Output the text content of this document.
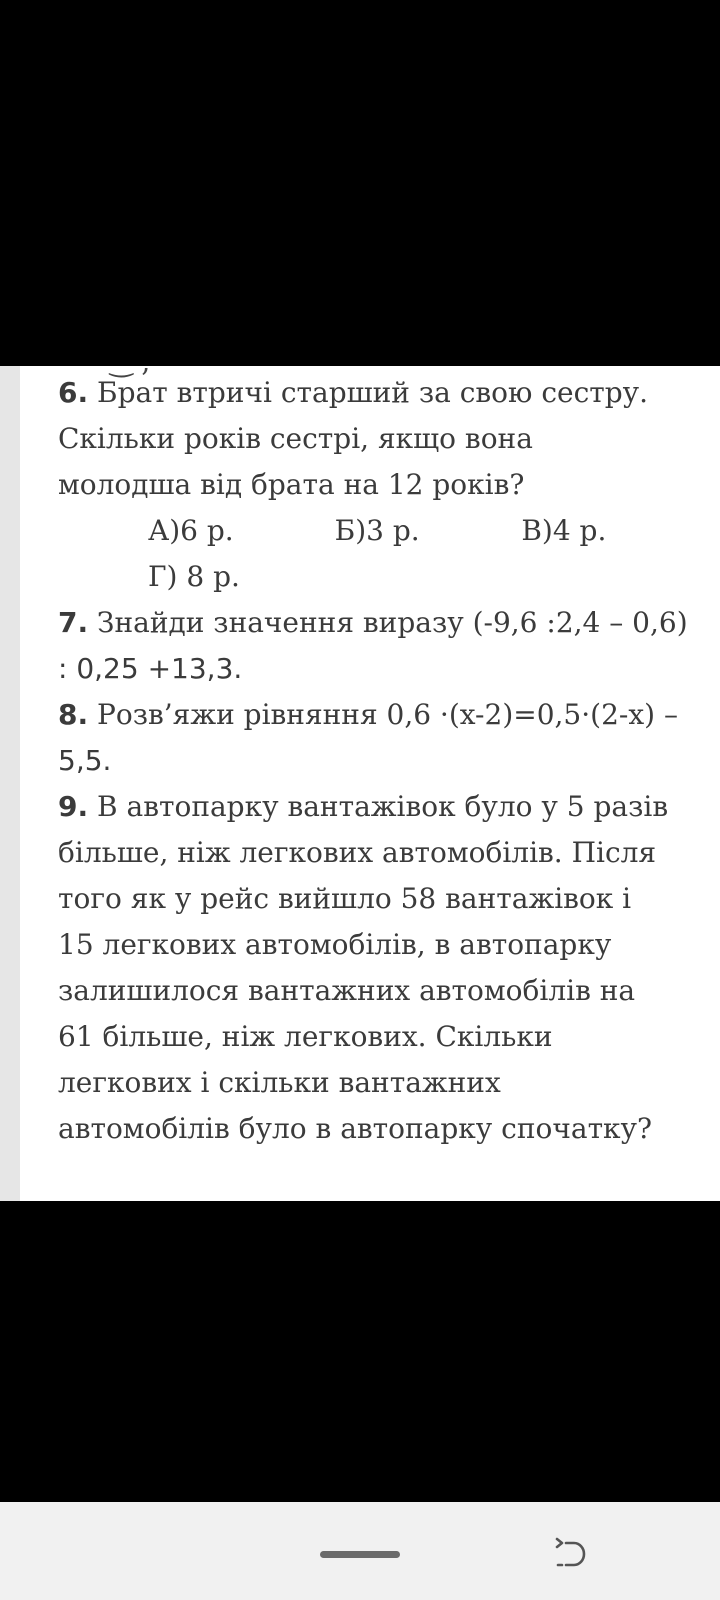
‿ ,

6. Брат втричі старший за свою сестру.

Скільки років сестрі, якщо вона

молодша від брата на 12 років?

А)6 р.	Б)3 р.	В)4 р.

Г) 8 р.

7. Знайди значення виразу (-9,6 :2,4 – 0,6)

: 0,25 +13,3.

8. Розв’яжи рівняння 0,6 ·(x-2)=0,5·(2-x) –

5,5.

9. В автопарку вантажівок було у 5 разів

більше, ніж легкових автомобілів. Після

того як у рейс вийшло 58 вантажівок і

15 легкових автомобілів, в автопарку

залишилося вантажних автомобілів на

61 більше, ніж легкових. Скільки

легкових і скільки вантажних

автомобілів було в автопарку спочатку?
